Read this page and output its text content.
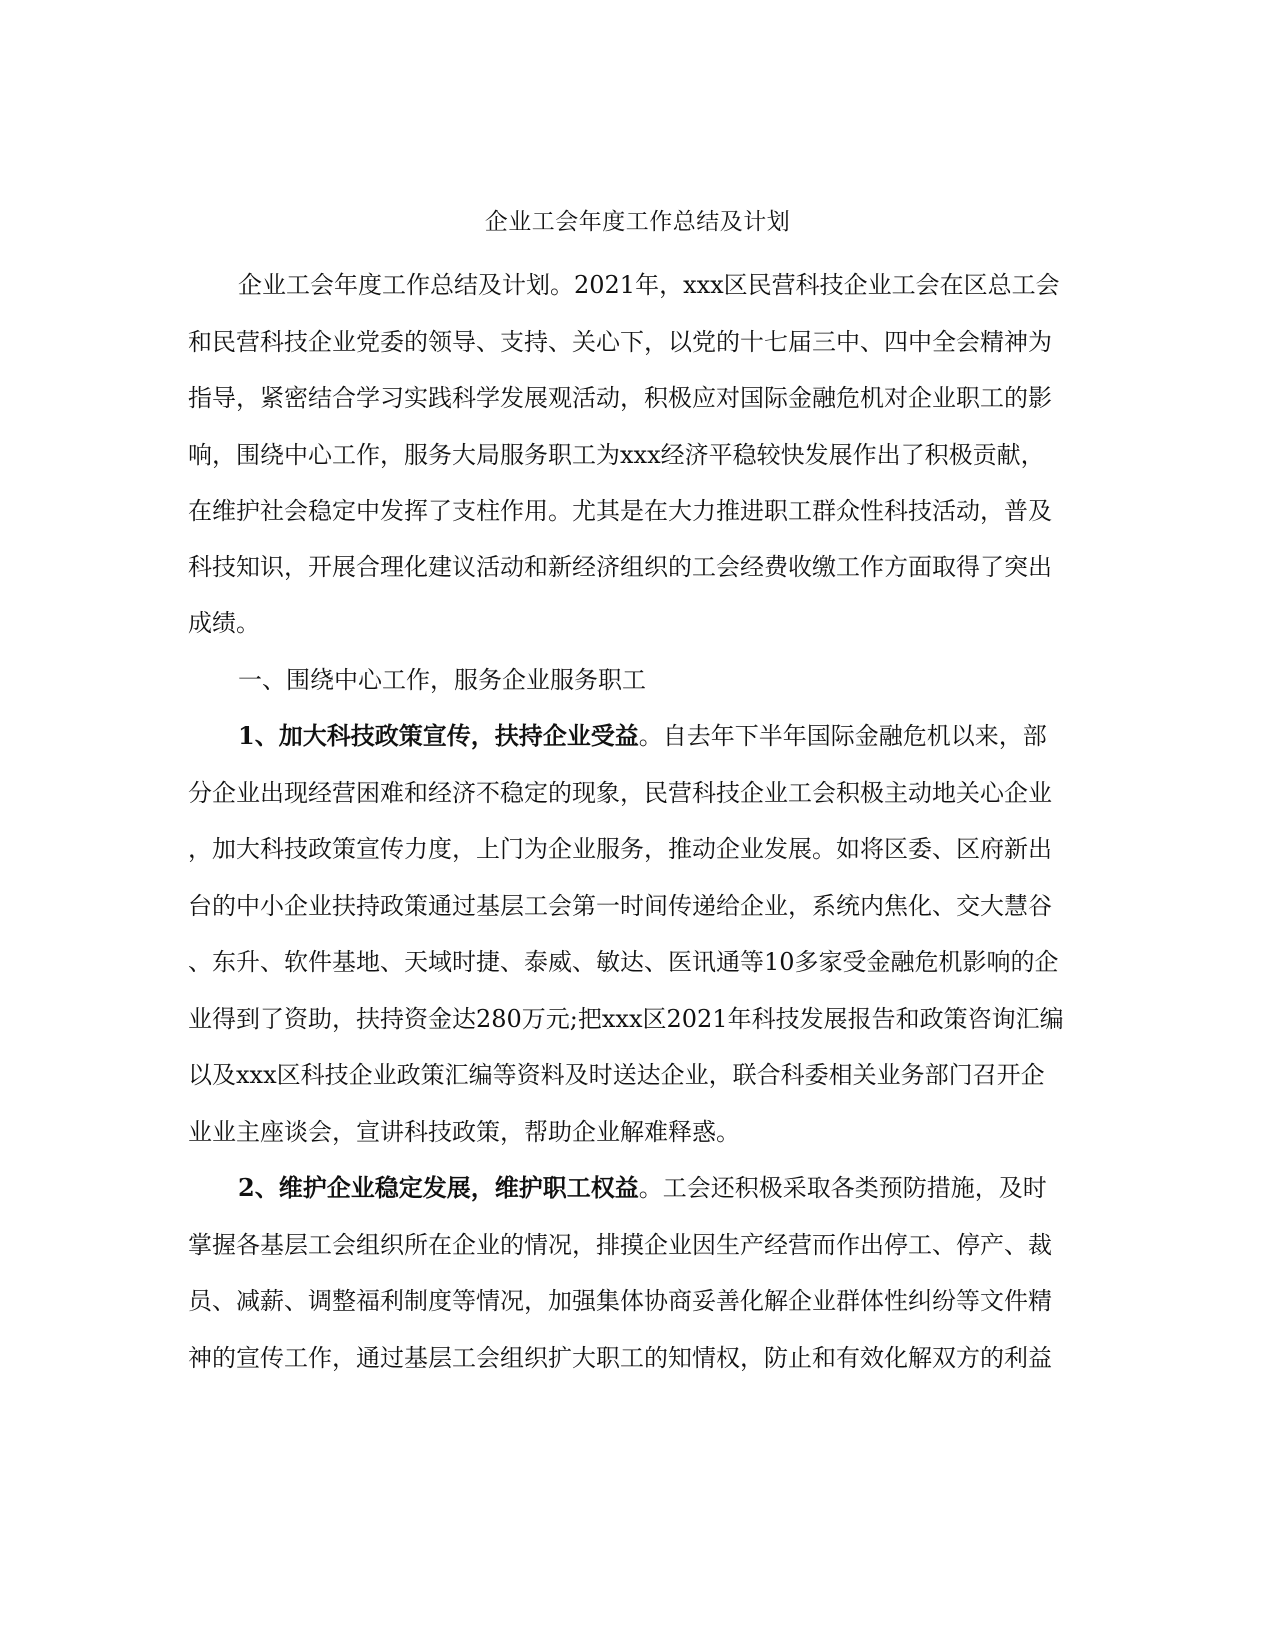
企业工会年度工作总结及计划
企业工会年度工作总结及计划。2021年，xxx区民营科技企业工会在区总工会
和民营科技企业党委的领导、支持、关心下，以党的十七届三中、四中全会精神为
指导，紧密结合学习实践科学发展观活动，积极应对国际金融危机对企业职工的影
响，围绕中心工作，服务大局服务职工为xxx经济平稳较快发展作出了积极贡献，
在维护社会稳定中发挥了支柱作用。尤其是在大力推进职工群众性科技活动，普及
科技知识，开展合理化建议活动和新经济组织的工会经费收缴工作方面取得了突出
成绩。
一、围绕中心工作，服务企业服务职工
1、加大科技政策宣传，扶持企业受益。自去年下半年国际金融危机以来，部
分企业出现经营困难和经济不稳定的现象，民营科技企业工会积极主动地关心企业
，加大科技政策宣传力度，上门为企业服务，推动企业发展。如将区委、区府新出
台的中小企业扶持政策通过基层工会第一时间传递给企业，系统内焦化、交大慧谷
、东升、软件基地、天域时捷、泰威、敏达、医讯通等10多家受金融危机影响的企
业得到了资助，扶持资金达280万元;把xxx区2021年科技发展报告和政策咨询汇编
以及xxx区科技企业政策汇编等资料及时送达企业，联合科委相关业务部门召开企
业业主座谈会，宣讲科技政策，帮助企业解难释惑。
2、维护企业稳定发展，维护职工权益。工会还积极采取各类预防措施，及时
掌握各基层工会组织所在企业的情况，排摸企业因生产经营而作出停工、停产、裁
员、减薪、调整福利制度等情况，加强集体协商妥善化解企业群体性纠纷等文件精
神的宣传工作，通过基层工会组织扩大职工的知情权，防止和有效化解双方的利益
